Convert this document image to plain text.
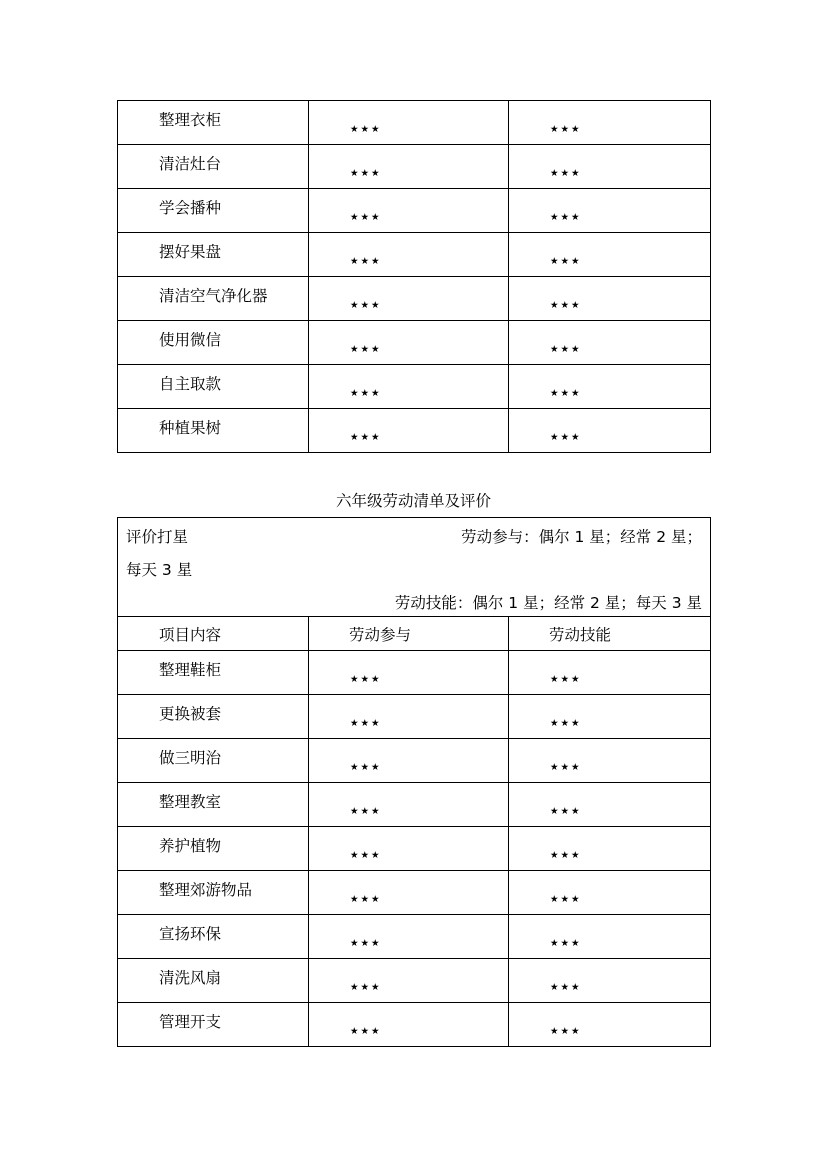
整理衣柜	★★★	★★★
清洁灶台	★★★	★★★
学会播种	★★★	★★★
摆好果盘	★★★	★★★
清洁空气净化器	★★★	★★★
使用微信	★★★	★★★
自主取款	★★★	★★★
种植果树	★★★	★★★
六年级劳动清单及评价
评价打星 劳动参与：偶尔 1 星；经常 2 星；
每天 3 星
劳动技能：偶尔 1 星；经常 2 星；每天 3 星		

项目内容	劳动参与	劳动技能
整理鞋柜	★★★	★★★
更换被套	★★★	★★★
做三明治	★★★	★★★
整理教室	★★★	★★★
养护植物	★★★	★★★
整理郊游物品	★★★	★★★
宣扬环保	★★★	★★★
清洗风扇	★★★	★★★
管理开支	★★★	★★★
